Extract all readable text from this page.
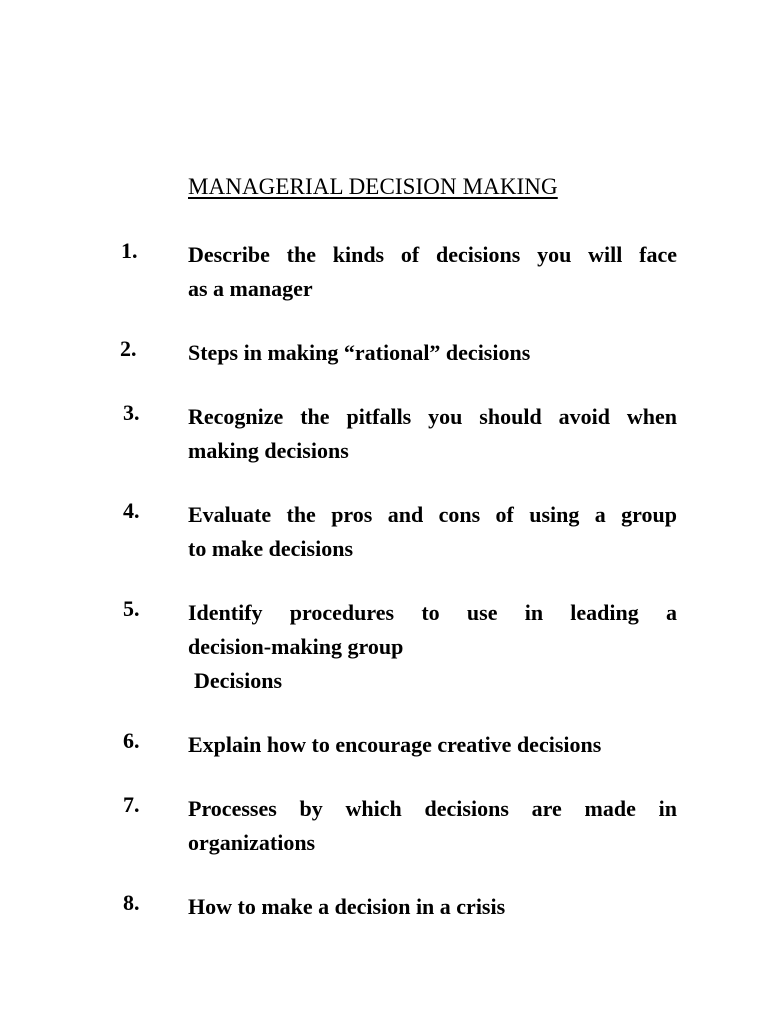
MANAGERIAL DECISION MAKING
1. Describe the kinds of decisions you will face
as a manager
2. Steps in making “rational” decisions
3. Recognize the pitfalls you should avoid when
making decisions
4. Evaluate the pros and cons of using a group
to make decisions
5. Identify procedures to use in leading a
decision-making group
Decisions
6. Explain how to encourage creative decisions
7. Processes by which decisions are made in
organizations
8. How to make a decision in a crisis
